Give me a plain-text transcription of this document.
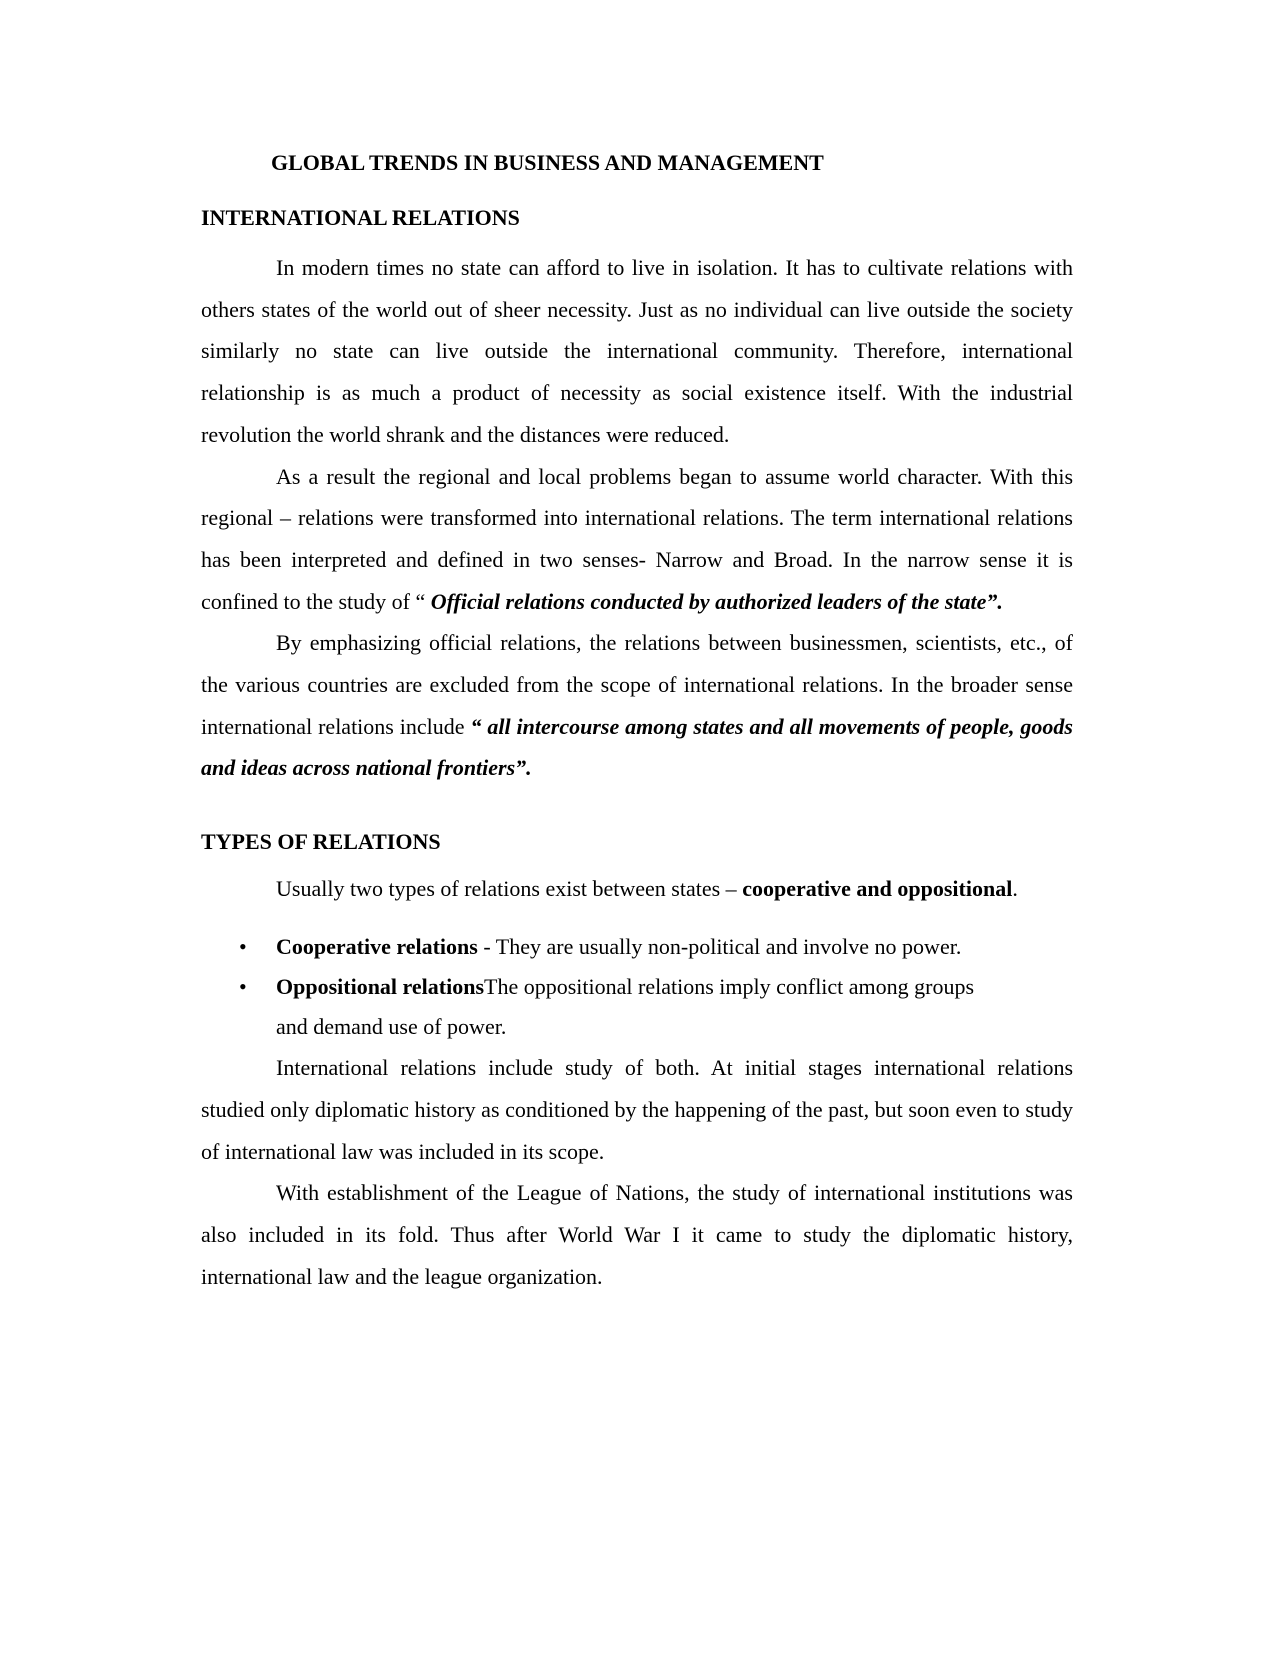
GLOBAL TRENDS IN BUSINESS AND MANAGEMENT
INTERNATIONAL RELATIONS

In modern times no state can afford to live in isolation. It has to cultivate relations with others states of the world out of sheer necessity. Just as no individual can live outside the society similarly no state can live outside the international community. Therefore, international relationship is as much a product of necessity as social existence itself. With the industrial revolution the world shrank and the distances were reduced.

As a result the regional and local problems began to assume world character. With this regional – relations were transformed into international relations. The term international relations has been interpreted and defined in two senses- Narrow and Broad. In the narrow sense it is confined to the study of “ Official relations conducted by authorized leaders of the state”.

By emphasizing official relations, the relations between businessmen, scientists, etc., of the various countries are excluded from the scope of international relations. In the broader sense international relations include “ all intercourse among states and all movements of people, goods and ideas across national frontiers”.

TYPES OF RELATIONS

Usually two types of relations exist between states – cooperative and oppositional.

• Cooperative relations - They are usually non-political and involve no power.
• Oppositional relationsThe oppositional relations imply conflict among groups and demand use of power.

International relations include study of both. At initial stages international relations studied only diplomatic history as conditioned by the happening of the past, but soon even to study of international law was included in its scope.

With establishment of the League of Nations, the study of international institutions was also included in its fold. Thus after World War I it came to study the diplomatic history, international law and the league organization.
